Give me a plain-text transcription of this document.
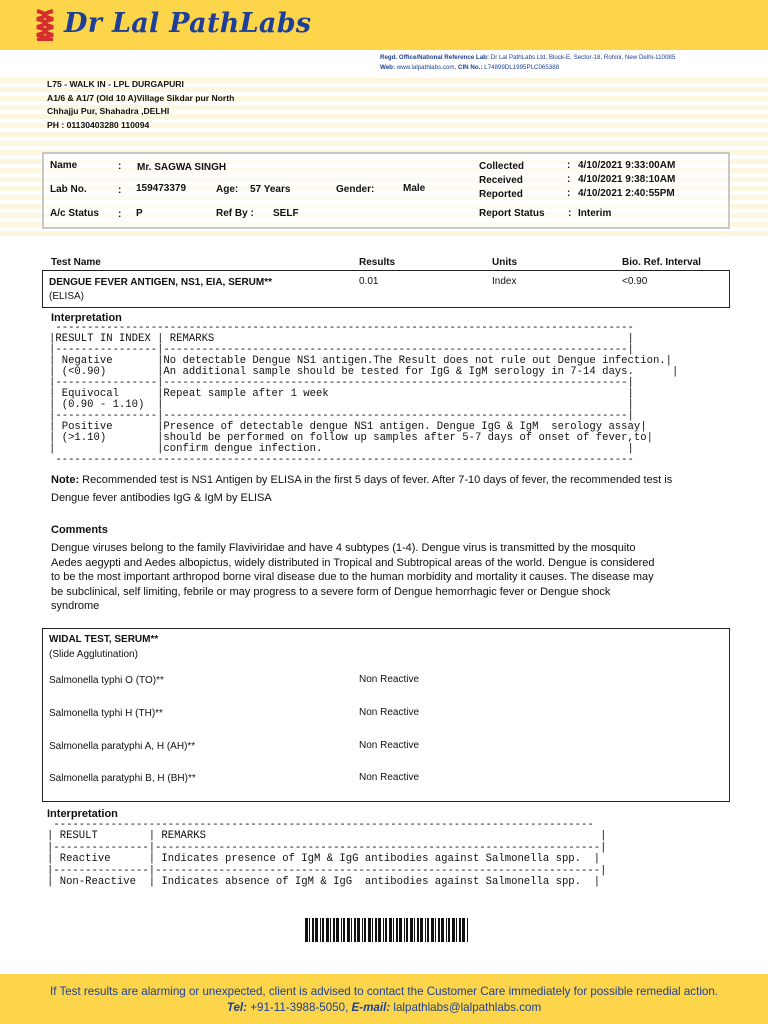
Dr Lal PathLabs
Regd. Office/National Reference Lab: Dr Lal PathLabs Ltd, Block-E, Sector-18, Rohini, New Delhi-110085
Web: www.lalpathlabs.com, CIN No.: L74899DL1995PLC065388
L75 - WALK IN - LPL DURGAPURI
A1/6 & A1/7 (Old 10 A)Village Sikdar pur North
Chhajju Pur, Shahadra ,DELHI
PH : 01130403280 110094
Name	: Mr. SAGWA SINGH
Lab No.	: 159473379	Age: 57 Years	Gender:	Male
A/c Status : P	Ref By : SELF
Collected	: 4/10/2021 9:33:00AM
Received	: 4/10/2021 9:38:10AM
Reported	: 4/10/2021 2:40:55PM
Report Status : Interim
Test Name	Results	Units	Bio. Ref. Interval
DENGUE FEVER ANTIGEN, NS1, EIA, SERUM**
(ELISA)
0.01	Index	<0.90
Interpretation
-------------------------------------------------------------------------------------------
|RESULT IN INDEX | REMARKS                                                                 |
|----------------|-------------------------------------------------------------------------|
| Negative       |No detectable Dengue NS1 antigen.The Result does not rule out Dengue infection.|
| (<0.90)        |An additional sample should be tested for IgG & IgM serology in 7-14 days.      |
|----------------|-------------------------------------------------------------------------|
| Equivocal      |Repeat sample after 1 week                                               |
| (0.90 - 1.10)  |                                                                         |
|----------------|-------------------------------------------------------------------------|
| Positive       |Presence of detectable dengue NS1 antigen. Dengue IgG & IgM  serology assay|
| (>1.10)        |should be performed on follow up samples after 5-7 days of onset of fever,to|
|                |confirm dengue infection.                                                |
-------------------------------------------------------------------------------------------
Note: Recommended test is NS1 Antigen by ELISA in the first 5 days of fever. After 7-10 days of fever, the recommended test is Dengue fever antibodies IgG & IgM by ELISA
Comments
Dengue viruses belong to the family Flaviviridae and have 4 subtypes (1-4). Dengue virus is transmitted by the mosquito Aedes aegypti and Aedes albopictus, widely distributed in Tropical and Subtropical areas of the world. Dengue is considered to be the most important arthropod borne viral disease due to the human morbidity and mortality it causes. The disease may be subclinical, self limiting, febrile or may progress to a severe form of Dengue hemorrhagic fever or Dengue shock syndrome
WIDAL TEST, SERUM**
(Slide Agglutination)
Salmonella typhi O (TO)**	Non Reactive
Salmonella typhi H (TH)**	Non Reactive
Salmonella paratyphi A, H (AH)**	Non Reactive
Salmonella paratyphi B, H (BH)**	Non Reactive
Interpretation
-------------------------------------------------------------------------------------
| RESULT        | REMARKS                                                              |
|---------------|----------------------------------------------------------------------|
| Reactive      | Indicates presence of IgM & IgG antibodies against Salmonella spp.  |
|---------------|----------------------------------------------------------------------|
| Non-Reactive  | Indicates absence of IgM & IgG  antibodies against Salmonella spp.  |
If Test results are alarming or unexpected, client is advised to contact the Customer Care immediately for possible remedial action.
Tel: +91-11-3988-5050, E-mail: lalpathlabs@lalpathlabs.com
